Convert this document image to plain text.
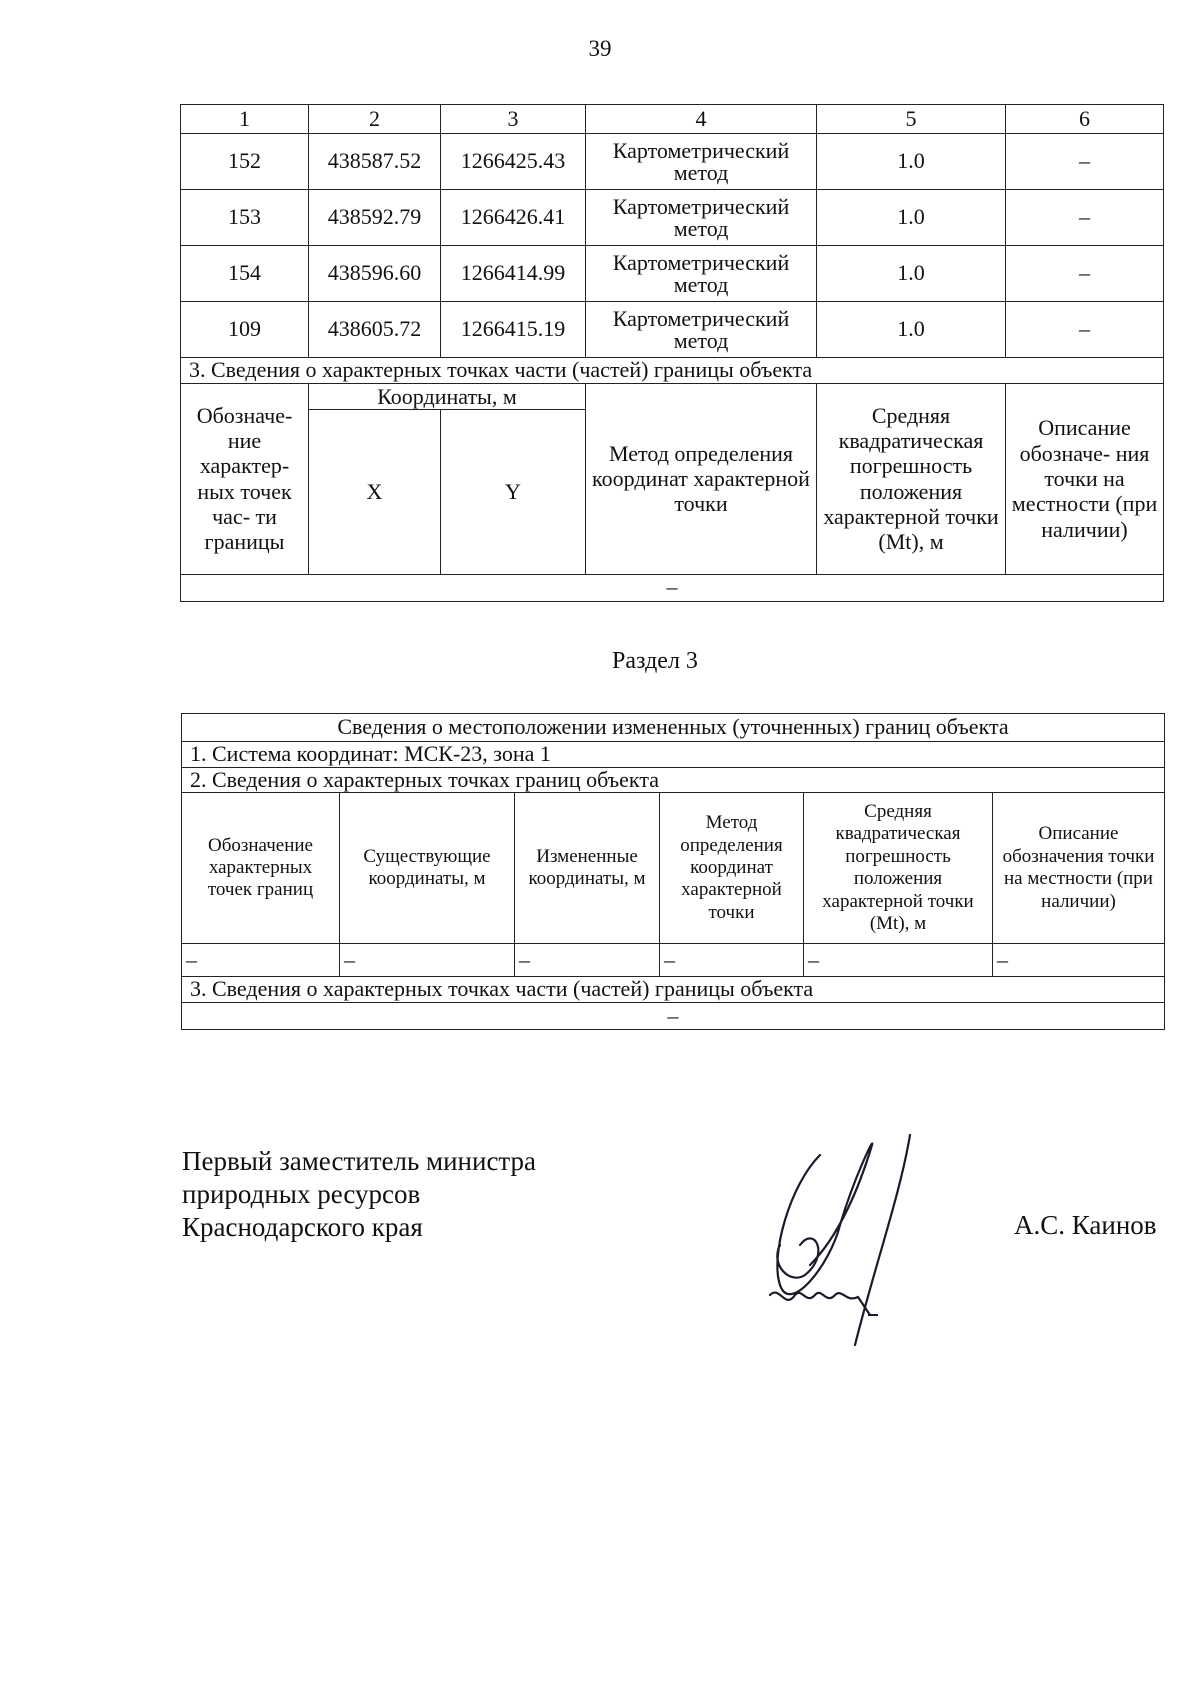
39
1	2	3	4	5	6
152	438587.52	1266425.43	Картометрический метод	1.0	–
153	438592.79	1266426.41	Картометрический метод	1.0	–
154	438596.60	1266414.99	Картометрический метод	1.0	–
109	438605.72	1266415.19	Картометрический метод	1.0	–
3. Сведения о характерных точках части (частей) границы объекта					
Обозначе- ние характер- ных точек час- ти границы	Координаты, м		Метод определения координат характерной точки	Средняя квадратическая погрешность положения характерной точки (Mt), м	Описание обозначе- ния точки на местности (при наличии)
	X	Y			
–					
Раздел 3
Сведения о местоположении измененных (уточненных) границ объекта					
1. Система координат: МСК-23, зона 1					
2. Сведения о характерных точках границ объекта					
Обозначение характерных точек границ	Существующие координаты, м	Измененные координаты, м	Метод определения координат характерной точки	Средняя квадратическая погрешность положения характерной точки (Mt), м	Описание обозначения точки на местности (при наличии)
–	–	–	–	–	–
3. Сведения о характерных точках части (частей) границы объекта					
–					
Первый заместитель министра
природных ресурсов
Краснодарского края	А.С. Каинов
